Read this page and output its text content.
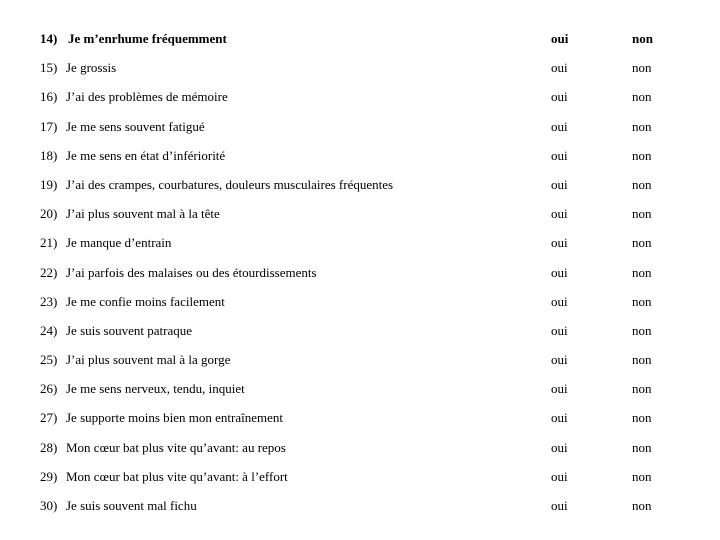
14) Je m’enrhume fréquemment	oui	non
15) Je grossis	oui	non
16) J’ai des problèmes de mémoire	oui	non
17) Je me sens souvent fatigué	oui	non
18) Je me sens en état d’infériorité	oui	non
19) J’ai des crampes, courbatures, douleurs musculaires fréquentes	oui	non
20) J’ai plus souvent mal à la tête	oui	non
21) Je manque d’entrain	oui	non
22) J’ai parfois des malaises ou des étourdissements	oui	non
23) Je me confie moins facilement	oui	non
24) Je suis souvent patraque	oui	non
25) J’ai plus souvent mal à la gorge	oui	non
26) Je me sens nerveux, tendu, inquiet	oui	non
27) Je supporte moins bien mon entraînement	oui	non
28) Mon cœur bat plus vite qu’avant: au repos	oui	non
29) Mon cœur bat plus vite qu’avant: à l’effort	oui	non
30) Je suis souvent mal fichu	oui	non
